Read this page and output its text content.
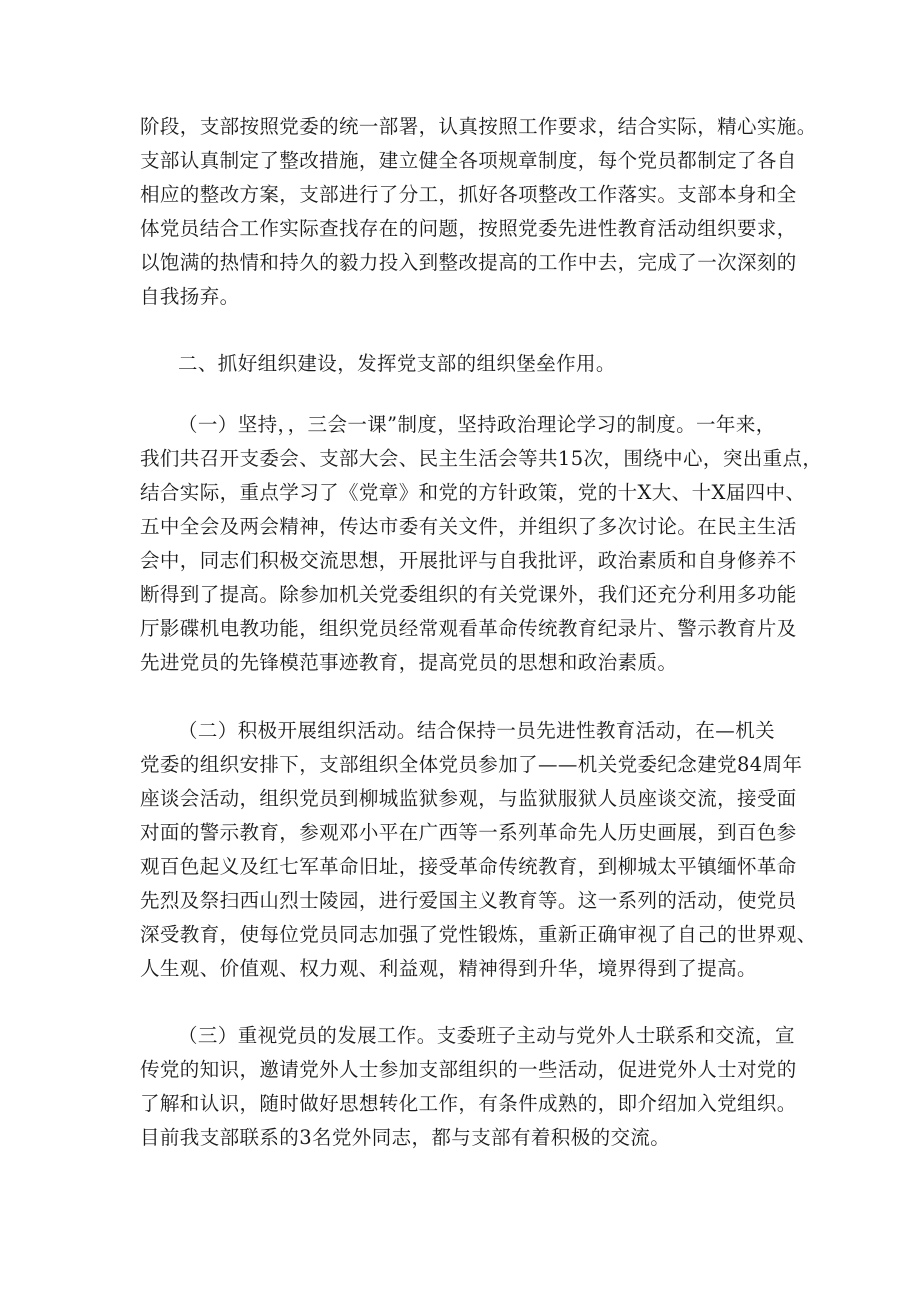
阶段，支部按照党委的统一部署，认真按照工作要求，结合实际，精心实施。

支部认真制定了整改措施，建立健全各项规章制度，每个党员都制定了各自

相应的整改方案，支部进行了分工，抓好各项整改工作落实。支部本身和全

体党员结合工作实际查找存在的问题，按照党委先进性教育活动组织要求，

以饱满的热情和持久的毅力投入到整改提高的工作中去，完成了一次深刻的

自我扬弃。

二、抓好组织建设，发挥党支部的组织堡垒作用。

（一）坚持，，三会一课”制度，坚持政治理论学习的制度。一年来，

我们共召开支委会、支部大会、民主生活会等共15次，围绕中心，突出重点，

结合实际，重点学习了《党章》和党的方针政策，党的十X大、十X届四中、

五中全会及两会精神，传达市委有关文件，并组织了多次讨论。在民主生活

会中，同志们积极交流思想，开展批评与自我批评，政治素质和自身修养不

断得到了提高。除参加机关党委组织的有关党课外，我们还充分利用多功能

厅影碟机电教功能，组织党员经常观看革命传统教育纪录片、警示教育片及

先进党员的先锋模范事迹教育，提高党员的思想和政治素质。

（二）积极开展组织活动。结合保持一员先进性教育活动，在—机关

党委的组织安排下，支部组织全体党员参加了——机关党委纪念建党84周年

座谈会活动，组织党员到柳城监狱参观，与监狱服狱人员座谈交流，接受面

对面的警示教育，参观邓小平在广西等一系列革命先人历史画展，到百色参

观百色起义及红七军革命旧址，接受革命传统教育，到柳城太平镇缅怀革命

先烈及祭扫西山烈士陵园，进行爱国主义教育等。这一系列的活动，使党员

深受教育，使每位党员同志加强了党性锻炼，重新正确审视了自己的世界观、

人生观、价值观、权力观、利益观，精神得到升华，境界得到了提高。

（三）重视党员的发展工作。支委班子主动与党外人士联系和交流，宣

传党的知识，邀请党外人士参加支部组织的一些活动，促进党外人士对党的

了解和认识，随时做好思想转化工作，有条件成熟的，即介绍加入党组织。

目前我支部联系的3名党外同志，都与支部有着积极的交流。
